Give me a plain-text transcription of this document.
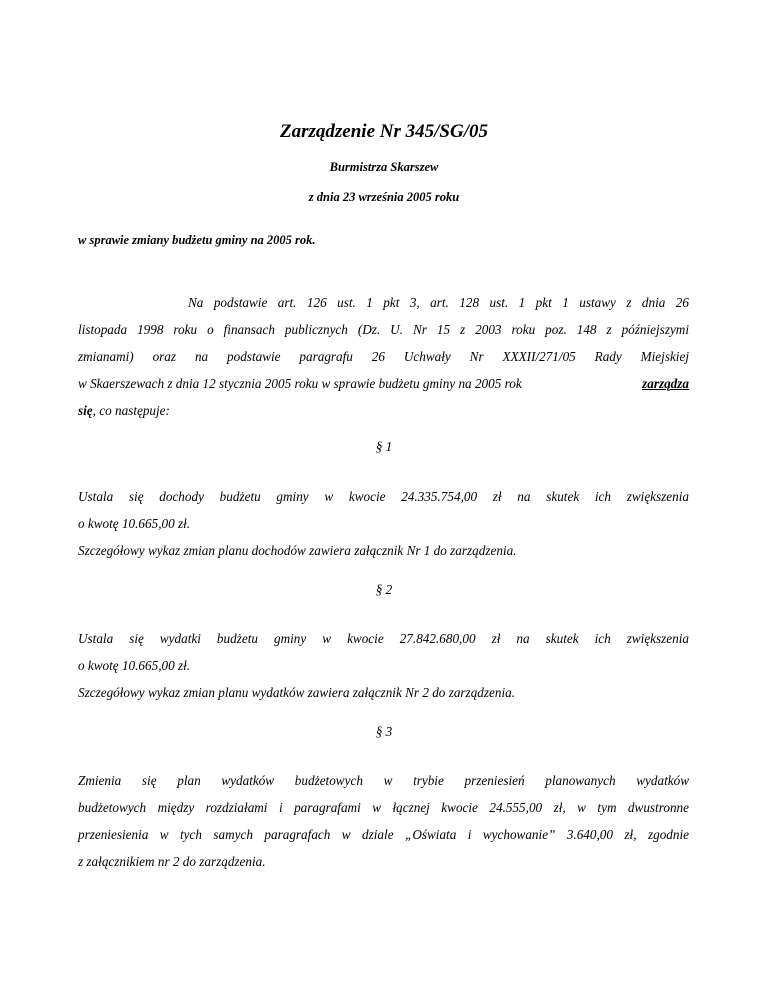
Zarządzenie Nr 345/SG/05
Burmistrza Skarszew
z dnia 23 września 2005 roku
w sprawie zmiany budżetu gminy na 2005 rok.
Na podstawie art. 126 ust. 1 pkt 3, art. 128 ust. 1 pkt 1 ustawy z dnia 26
listopada 1998 roku o finansach publicznych (Dz. U. Nr 15 z 2003 roku poz. 148 z późniejszymi
zmianami) oraz na podstawie paragrafu 26 Uchwały Nr XXXII/271/05 Rady Miejskiej
w Skaerszewach z dnia 12 stycznia 2005 roku w sprawie budżetu gminy na 2005 rok	zarządza
się, co następuje:
§ 1
Ustala się dochody budżetu gminy w kwocie 24.335.754,00 zł na skutek ich zwiększenia
o kwotę 10.665,00 zł.
Szczegółowy wykaz zmian planu dochodów zawiera załącznik Nr 1 do zarządzenia.
§ 2
Ustala się wydatki budżetu gminy w kwocie 27.842.680,00 zł na skutek ich zwiększenia
o kwotę 10.665,00 zł.
Szczegółowy wykaz zmian planu wydatków zawiera załącznik Nr 2 do zarządzenia.
§ 3
Zmienia się plan wydatków budżetowych w trybie przeniesień planowanych wydatków
budżetowych między rozdziałami i paragrafami w łącznej kwocie 24.555,00 zł, w tym dwustronne
przeniesienia w tych samych paragrafach w dziale „Oświata i wychowanie” 3.640,00 zł, zgodnie
z załącznikiem nr 2 do zarządzenia.
